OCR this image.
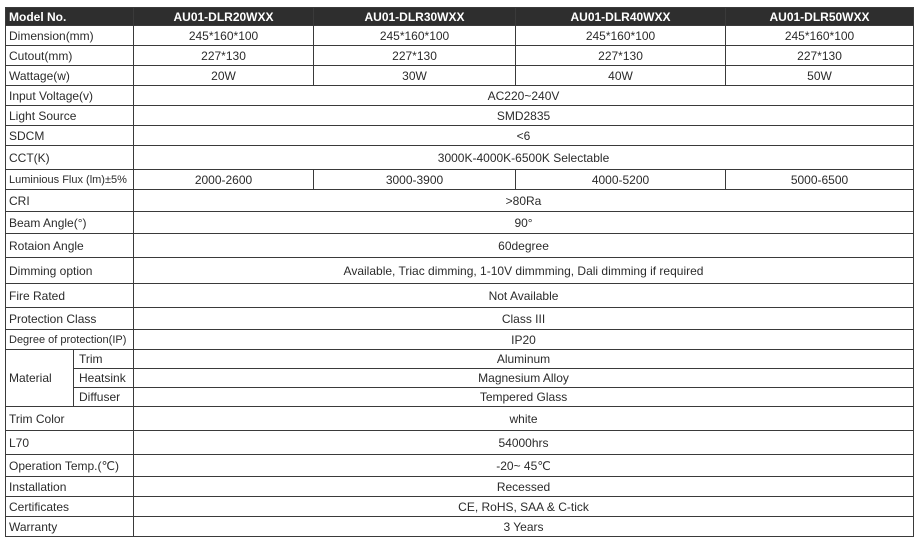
Model No.		AU01-DLR20WXX	AU01-DLR30WXX	AU01-DLR40WXX	AU01-DLR50WXX
Dimension(mm)		245*160*100	245*160*100	245*160*100	245*160*100
Cutout(mm)		227*130	227*130	227*130	227*130
Wattage(w)		20W	30W	40W	50W
Input Voltage(v)		AC220~240V			
Light Source		SMD2835			
SDCM		<6			
CCT(K)		3000K-4000K-6500K Selectable			
Luminious Flux (lm)±5%		2000-2600	3000-3900	4000-5200	5000-6500
CRI		>80Ra			
Beam Angle(°)		90°			
Rotaion Angle		60degree			
Dimming option		Available, Triac dimming, 1-10V dimmming, Dali dimming if required			
Fire Rated		Not Available			
Protection Class		Class III			
Degree of protection(IP)		IP20			
Material	Trim	Aluminum			
	Heatsink	Magnesium Alloy			
	Diffuser	Tempered Glass			
Trim Color		white			
L70		54000hrs			
Operation Temp.(℃)		-20~ 45℃			
Installation		Recessed			
Certificates		CE, RoHS, SAA & C-tick			
Warranty		3 Years			
